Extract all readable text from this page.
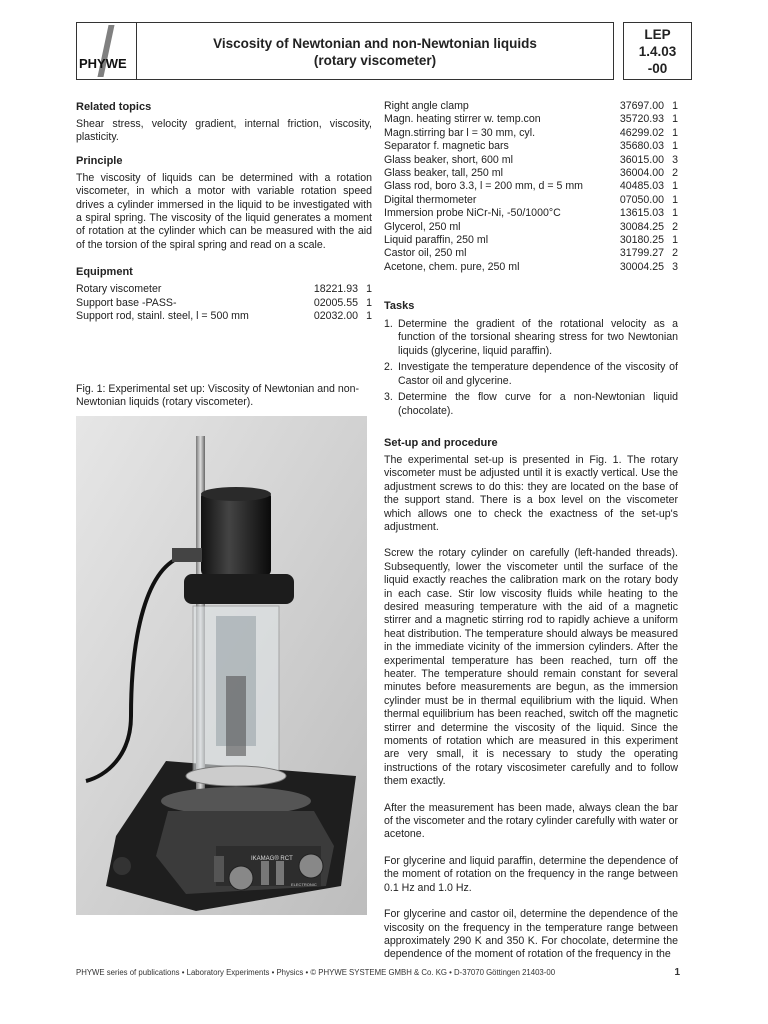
PHYWE
Viscosity of Newtonian and non-Newtonian liquids
(rotary viscometer)
LEP
1.4.03
-00
Related topics

Shear stress, velocity gradient, internal friction, viscosity, plasticity.

Principle

The viscosity of liquids can be determined with a rotation viscometer, in which a motor with variable rotation speed drives a cylinder immersed in the liquid to be investigated with a spiral spring. The viscosity of the liquid generates a moment of rotation at the cylinder which can be measured with the aid of the torsion of the spiral spring and read on a scale.

Equipment
Rotary viscometer	18221.93 1
Support base -PASS-	02005.55 1
Support rod, stainl. steel, l = 500 mm	02032.00 1

Fig. 1: Experimental set up: Viscosity of Newtonian and non-Newtonian liquids (rotary viscometer).

IKAMAG® RCT
ELECTRONIC
Right angle clamp	37697.00 1
Magn. heating stirrer w. temp.con	35720.93 1
Magn.stirring bar l = 30 mm, cyl.	46299.02 1
Separator f. magnetic bars	35680.03 1
Glass beaker, short, 600 ml	36015.00 3
Glass beaker, tall, 250 ml	36004.00 2
Glass rod, boro 3.3, l = 200 mm, d = 5 mm	40485.03 1
Digital thermometer	07050.00 1
Immersion probe NiCr-Ni, -50/1000°C	13615.03 1
Glycerol, 250 ml	30084.25 2
Liquid paraffin, 250 ml	30180.25 1
Castor oil, 250 ml	31799.27 2
Acetone, chem. pure, 250 ml	30004.25 3
Tasks
1. Determine the gradient of the rotational velocity as a function of the torsional shearing stress for two Newtonian liquids (glycerine, liquid paraffin).
2. Investigate the temperature dependence of the viscosity of Castor oil and glycerine.
3. Determine the flow curve for a non-Newtonian liquid (chocolate).
Set-up and procedure

The experimental set-up is presented in Fig. 1. The rotary viscometer must be adjusted until it is exactly vertical. Use the adjustment screws to do this: they are located on the base of the support stand. There is a box level on the viscometer which allows one to check the exactness of the set-up's adjustment.

Screw the rotary cylinder on carefully (left-handed threads). Subsequently, lower the viscometer until the surface of the liquid exactly reaches the calibration mark on the rotary body in each case. Stir low viscosity fluids while heating to the desired measuring temperature with the aid of a magnetic stirrer and a magnetic stirring rod to rapidly achieve a uniform heat distribution. The temperature should always be measured in the immediate vicinity of the immersion cylinders. After the experimental temperature has been reached, turn off the heater. The temperature should remain constant for several minutes before measurements are begun, as the immersion cylinder must be in thermal equilibrium with the liquid. When thermal equilibrium has been reached, switch off the magnetic stirrer and determine the viscosity of the liquid. Since the moments of rotation which are measured in this experiment are very small, it is necessary to study the operating instructions of the rotary viscosimeter carefully and to follow them exactly.

After the measurement has been made, always clean the bar of the viscometer and the rotary cylinder carefully with water or acetone.

For glycerine and liquid paraffin, determine the dependence of the moment of rotation on the frequency in the range between 0.1 Hz and 1.0 Hz.

For glycerine and castor oil, determine the dependence of the viscosity on the frequency in the temperature range between approximately 290 K and 350 K. For chocolate, determine the dependence of the moment of rotation of the frequency in the

PHYWE series of publications • Laboratory Experiments • Physics • © PHYWE SYSTEME GMBH & Co. KG • D-37070 Göttingen 21403-00	1
